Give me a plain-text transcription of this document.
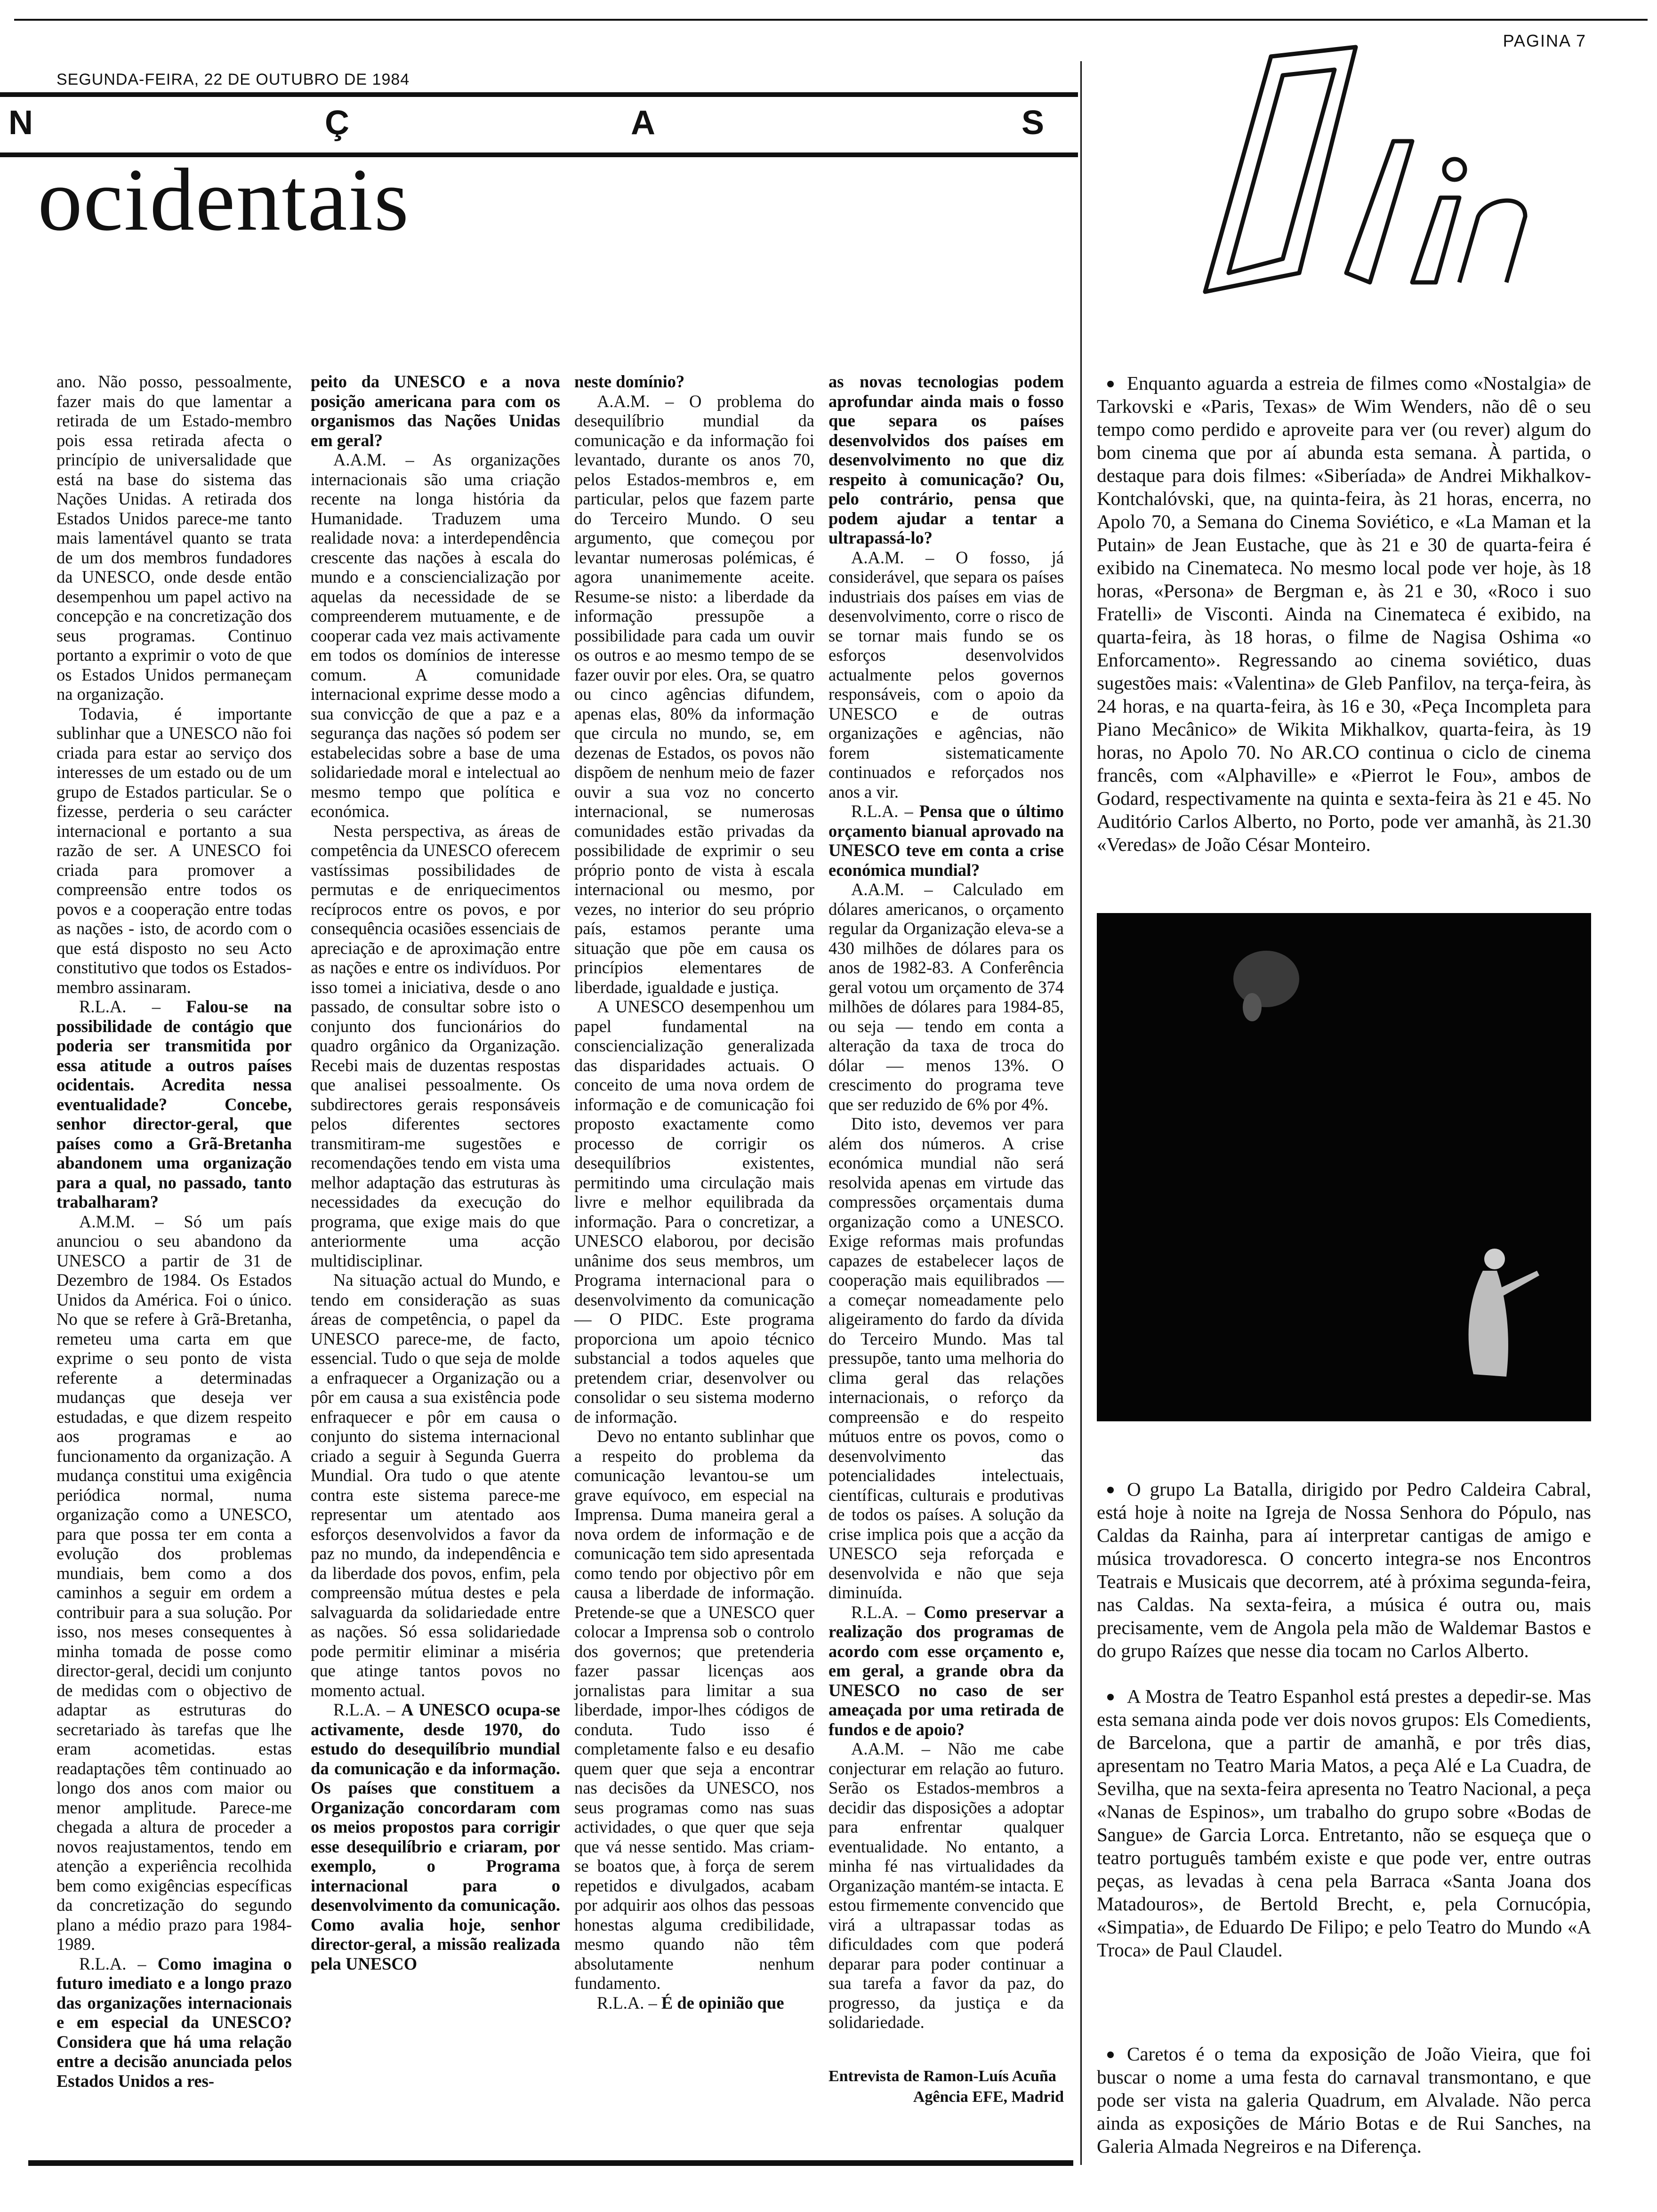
SEGUNDA-FEIRA, 22 DE OUTUBRO DE 1984
PAGINA 7
N	Ç	A	S
ocidentais

ano. Não posso, pessoalmente, fazer mais do que lamentar a retirada de um Estado-membro pois essa retirada afecta o princípio de universalidade que está na base do sistema das Nações Unidas. A retirada dos Estados Unidos parece-me tanto mais lamentável quanto se trata de um dos membros fundadores da UNESCO, onde desde então desempenhou um papel activo na concepção e na concretização dos seus programas. Continuo portanto a exprimir o voto de que os Estados Unidos permaneçam na organização.

Todavia, é importante sublinhar que a UNESCO não foi criada para estar ao serviço dos interesses de um estado ou de um grupo de Estados particular. Se o fizesse, perderia o seu carácter internacional e portanto a sua razão de ser. A UNESCO foi criada para promover a compreensão entre todos os povos e a cooperação entre todas as nações - isto, de acordo com o que está disposto no seu Acto constitutivo que todos os Estados-membro assinaram.

R.L.A. – Falou-se na possibilidade de contágio que poderia ser transmitida por essa atitude a outros países ocidentais. Acredita nessa eventualidade? Concebe, senhor director-geral, que países como a Grã-Bretanha abandonem uma organização para a qual, no passado, tanto trabalharam?

A.M.M. – Só um país anunciou o seu abandono da UNESCO a partir de 31 de Dezembro de 1984. Os Estados Unidos da América. Foi o único. No que se refere à Grã-Bretanha, remeteu uma carta em que exprime o seu ponto de vista referente a determinadas mudanças que deseja ver estudadas, e que dizem respeito aos programas e ao funcionamento da organização. A mudança constitui uma exigência periódica normal, numa organização como a UNESCO, para que possa ter em conta a evolução dos problemas mundiais, bem como a dos caminhos a seguir em ordem a contribuir para a sua solução. Por isso, nos meses consequentes à minha tomada de posse como director-geral, decidi um conjunto de medidas com o objectivo de adaptar as estruturas do secretariado às tarefas que lhe eram acometidas. estas readaptações têm continuado ao longo dos anos com maior ou menor amplitude. Parece-me chegada a altura de proceder a novos reajustamentos, tendo em atenção a experiência recolhida bem como exigências específicas da concretização do segundo plano a médio prazo para 1984-1989.

R.L.A. – Como imagina o futuro imediato e a longo prazo das organizações internacionais e em especial da UNESCO? Considera que há uma relação entre a decisão anunciada pelos Estados Unidos a res-

peito da UNESCO e a nova posição americana para com os organismos das Nações Unidas em geral?

A.A.M. – As organizações internacionais são uma criação recente na longa história da Humanidade. Traduzem uma realidade nova: a interdependência crescente das nações à escala do mundo e a consciencialização por aquelas da necessidade de se compreenderem mutuamente, e de cooperar cada vez mais activamente em todos os domínios de interesse comum. A comunidade internacional exprime desse modo a sua convicção de que a paz e a segurança das nações só podem ser estabelecidas sobre a base de uma solidariedade moral e intelectual ao mesmo tempo que política e económica.

Nesta perspectiva, as áreas de competência da UNESCO oferecem vastíssimas possibilidades de permutas e de enriquecimentos recíprocos entre os povos, e por consequência ocasiões essenciais de apreciação e de aproximação entre as nações e entre os indivíduos. Por isso tomei a iniciativa, desde o ano passado, de consultar sobre isto o conjunto dos funcionários do quadro orgânico da Organização. Recebi mais de duzentas respostas que analisei pessoalmente. Os subdirectores gerais responsáveis pelos diferentes sectores transmitiram-me sugestões e recomendações tendo em vista uma melhor adaptação das estruturas às necessidades da execução do programa, que exige mais do que anteriormente uma acção multidisciplinar.

Na situação actual do Mundo, e tendo em consideração as suas áreas de competência, o papel da UNESCO parece-me, de facto, essencial. Tudo o que seja de molde a enfraquecer a Organização ou a pôr em causa a sua existência pode enfraquecer e pôr em causa o conjunto do sistema internacional criado a seguir à Segunda Guerra Mundial. Ora tudo o que atente contra este sistema parece-me representar um atentado aos esforços desenvolvidos a favor da paz no mundo, da independência e da liberdade dos povos, enfim, pela compreensão mútua destes e pela salvaguarda da solidariedade entre as nações. Só essa solidariedade pode permitir eliminar a miséria que atinge tantos povos no momento actual.

R.L.A. – A UNESCO ocupa-se activamente, desde 1970, do estudo do desequilíbrio mundial da comunicação e da informação. Os países que constituem a Organização concordaram com os meios propostos para corrigir esse desequilíbrio e criaram, por exemplo, o Programa internacional para o desenvolvimento da comunicação. Como avalia hoje, senhor director-geral, a missão realizada pela UNESCO

neste domínio?

A.A.M. – O problema do desequilíbrio mundial da comunicação e da informação foi levantado, durante os anos 70, pelos Estados-membros e, em particular, pelos que fazem parte do Terceiro Mundo. O seu argumento, que começou por levantar numerosas polémicas, é agora unanimemente aceite. Resume-se nisto: a liberdade da informação pressupõe a possibilidade para cada um ouvir os outros e ao mesmo tempo de se fazer ouvir por eles. Ora, se quatro ou cinco agências difundem, apenas elas, 80% da informação que circula no mundo, se, em dezenas de Estados, os povos não dispõem de nenhum meio de fazer ouvir a sua voz no concerto internacional, se numerosas comunidades estão privadas da possibilidade de exprimir o seu próprio ponto de vista à escala internacional ou mesmo, por vezes, no interior do seu próprio país, estamos perante uma situação que põe em causa os princípios elementares de liberdade, igualdade e justiça.

A UNESCO desempenhou um papel fundamental na consciencialização generalizada das disparidades actuais. O conceito de uma nova ordem de informação e de comunicação foi proposto exactamente como processo de corrigir os desequilíbrios existentes, permitindo uma circulação mais livre e melhor equilibrada da informação. Para o concretizar, a UNESCO elaborou, por decisão unânime dos seus membros, um Programa internacional para o desenvolvimento da comunicação — O PIDC. Este programa proporciona um apoio técnico substancial a todos aqueles que pretendem criar, desenvolver ou consolidar o seu sistema moderno de informação.

Devo no entanto sublinhar que a respeito do problema da comunicação levantou-se um grave equívoco, em especial na Imprensa. Duma maneira geral a nova ordem de informação e de comunicação tem sido apresentada como tendo por objectivo pôr em causa a liberdade de informação. Pretende-se que a UNESCO quer colocar a Imprensa sob o controlo dos governos; que pretenderia fazer passar licenças aos jornalistas para limitar a sua liberdade, impor-lhes códigos de conduta. Tudo isso é completamente falso e eu desafio quem quer que seja a encontrar nas decisões da UNESCO, nos seus programas como nas suas actividades, o que quer que seja que vá nesse sentido. Mas criam-se boatos que, à força de serem repetidos e divulgados, acabam por adquirir aos olhos das pessoas honestas alguma credibilidade, mesmo quando não têm absolutamente nenhum fundamento.

R.L.A. – É de opinião que

as novas tecnologias podem aprofundar ainda mais o fosso que separa os países desenvolvidos dos países em desenvolvimento no que diz respeito à comunicação? Ou, pelo contrário, pensa que podem ajudar a tentar a ultrapassá-lo?

A.A.M. – O fosso, já considerável, que separa os países industriais dos países em vias de desenvolvimento, corre o risco de se tornar mais fundo se os esforços desenvolvidos actualmente pelos governos responsáveis, com o apoio da UNESCO e de outras organizações e agências, não forem sistematicamente continuados e reforçados nos anos a vir.

R.L.A. – Pensa que o último orçamento bianual aprovado na UNESCO teve em conta a crise económica mundial?

A.A.M. – Calculado em dólares americanos, o orçamento regular da Organização eleva-se a 430 milhões de dólares para os anos de 1982-83. A Conferência geral votou um orçamento de 374 milhões de dólares para 1984-85, ou seja — tendo em conta a alteração da taxa de troca do dólar — menos 13%. O crescimento do programa teve que ser reduzido de 6% por 4%.

Dito isto, devemos ver para além dos números. A crise económica mundial não será resolvida apenas em virtude das compressões orçamentais duma organização como a UNESCO. Exige reformas mais profundas capazes de estabelecer laços de cooperação mais equilibrados — a começar nomeadamente pelo aligeiramento do fardo da dívida do Terceiro Mundo. Mas tal pressupõe, tanto uma melhoria do clima geral das relações internacionais, o reforço da compreensão e do respeito mútuos entre os povos, como o desenvolvimento das potencialidades intelectuais, científicas, culturais e produtivas de todos os países. A solução da crise implica pois que a acção da UNESCO seja reforçada e desenvolvida e não que seja diminuída.

R.L.A. – Como preservar a realização dos programas de acordo com esse orçamento e, em geral, a grande obra da UNESCO no caso de ser ameaçada por uma retirada de fundos e de apoio?

A.A.M. – Não me cabe conjecturar em relação ao futuro. Serão os Estados-membros a decidir das disposições a adoptar para enfrentar qualquer eventualidade. No entanto, a minha fé nas virtualidades da Organização mantém-se intacta. E estou firmemente convencido que virá a ultrapassar todas as dificuldades com que poderá deparar para poder continuar a sua tarefa a favor da paz, do progresso, da justiça e da solidariedade.

Entrevista de Ramon-Luís Acuña
Agência EFE, Madrid

Enquanto aguarda a estreia de filmes como «Nostalgia» de Tarkovski e «Paris, Texas» de Wim Wenders, não dê o seu tempo como perdido e aproveite para ver (ou rever) algum do bom cinema que por aí abunda esta semana. À partida, o destaque para dois filmes: «Siberíada» de Andrei Mikhalkov-Kontchalóvski, que, na quinta-feira, às 21 horas, encerra, no Apolo 70, a Semana do Cinema Soviético, e «La Maman et la Putain» de Jean Eustache, que às 21 e 30 de quarta-feira é exibido na Cinemateca. No mesmo local pode ver hoje, às 18 horas, «Persona» de Bergman e, às 21 e 30, «Roco i suo Fratelli» de Visconti. Ainda na Cinemateca é exibido, na quarta-feira, às 18 horas, o filme de Nagisa Oshima «o Enforcamento». Regressando ao cinema soviético, duas sugestões mais: «Valentina» de Gleb Panfilov, na terça-feira, às 24 horas, e na quarta-feira, às 16 e 30, «Peça Incompleta para Piano Mecânico» de Wikita Mikhalkov, quarta-feira, às 19 horas, no Apolo 70. No AR.CO continua o ciclo de cinema francês, com «Alphaville» e «Pierrot le Fou», ambos de Godard, respectivamente na quinta e sexta-feira às 21 e 45. No Auditório Carlos Alberto, no Porto, pode ver amanhã, às 21.30 «Veredas» de João César Monteiro.

O grupo La Batalla, dirigido por Pedro Caldeira Cabral, está hoje à noite na Igreja de Nossa Senhora do Pópulo, nas Caldas da Rainha, para aí interpretar cantigas de amigo e música trovadoresca. O concerto integra-se nos Encontros Teatrais e Musicais que decorrem, até à próxima segunda-feira, nas Caldas. Na sexta-feira, a música é outra ou, mais precisamente, vem de Angola pela mão de Waldemar Bastos e do grupo Raízes que nesse dia tocam no Carlos Alberto.

A Mostra de Teatro Espanhol está prestes a depedir-se. Mas esta semana ainda pode ver dois novos grupos: Els Comedients, de Barcelona, que a partir de amanhã, e por três dias, apresentam no Teatro Maria Matos, a peça Alé e La Cuadra, de Sevilha, que na sexta-feira apresenta no Teatro Nacional, a peça «Nanas de Espinos», um trabalho do grupo sobre «Bodas de Sangue» de Garcia Lorca. Entretanto, não se esqueça que o teatro português também existe e que pode ver, entre outras peças, as levadas à cena pela Barraca «Santa Joana dos Matadouros», de Bertold Brecht, e, pela Cornucópia, «Simpatia», de Eduardo De Filipo; e pelo Teatro do Mundo «A Troca» de Paul Claudel.

Caretos é o tema da exposição de João Vieira, que foi buscar o nome a uma festa do carnaval transmontano, e que pode ser vista na galeria Quadrum, em Alvalade. Não perca ainda as exposições de Mário Botas e de Rui Sanches, na Galeria Almada Negreiros e na Diferença.
